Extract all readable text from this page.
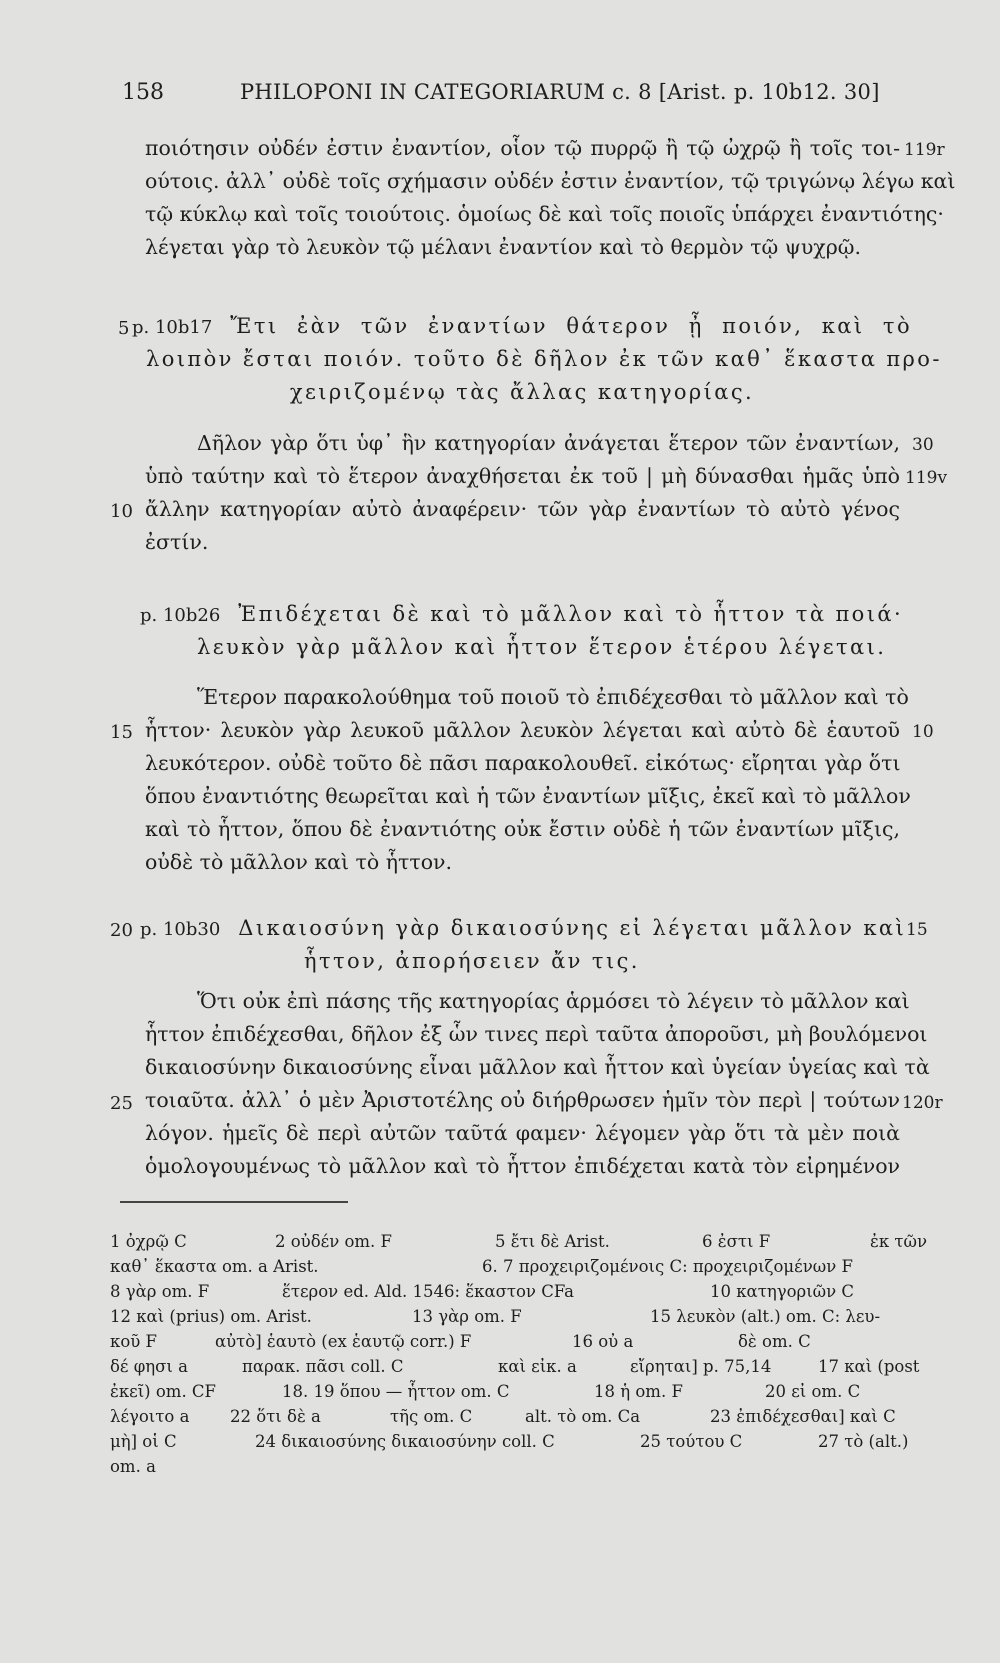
158	PHILOPONI IN CATEGORIARUM c. 8 [Arist. p. 10b12. 30]
ποιότησιν οὐδέν ἐστιν ἐναντίον, οἷον τῷ πυρρῷ ἢ τῷ ὠχρῷ ἢ τοῖς τοι-
ούτοις. ἀλλ᾽ οὐδὲ τοῖς σχήμασιν οὐδέν ἐστιν ἐναντίον, τῷ τριγώνῳ λέγω καὶ
τῷ κύκλῳ καὶ τοῖς τοιούτοις. ὁμοίως δὲ καὶ τοῖς ποιοῖς ὑπάρχει ἐναντιότης·
λέγεται γὰρ τὸ λευκὸν τῷ μέλανι ἐναντίον καὶ τὸ θερμὸν τῷ ψυχρῷ.
119r
5 p. 10b17 Ἔτι ἐὰν τῶν ἐναντίων θάτερον ᾖ ποιόν, καὶ τὸ
λοιπὸν ἔσται ποιόν. τοῦτο δὲ δῆλον ἐκ τῶν καθ᾽ ἕκαστα προ-
χειριζομένῳ τὰς ἄλλας κατηγορίας.
Δῆλον γὰρ ὅτι ὑφ᾽ ἣν κατηγορίαν ἀνάγεται ἕτερον τῶν ἐναντίων,
ὑπὸ ταύτην καὶ τὸ ἕτερον ἀναχθήσεται ἐκ τοῦ | μὴ δύνασθαι ἡμᾶς ὑπὸ
ἄλλην κατηγορίαν αὐτὸ ἀναφέρειν· τῶν γὰρ ἐναντίων τὸ αὐτὸ γένος
ἐστίν.
30
119v
10
p. 10b26 Ἐπιδέχεται δὲ καὶ τὸ μᾶλλον καὶ τὸ ἧττον τὰ ποιά·
λευκὸν γὰρ μᾶλλον καὶ ἧττον ἕτερον ἑτέρου λέγεται.
Ἕτερον παρακολούθημα τοῦ ποιοῦ τὸ ἐπιδέχεσθαι τὸ μᾶλλον καὶ τὸ
ἧττον· λευκὸν γὰρ λευκοῦ μᾶλλον λευκὸν λέγεται καὶ αὐτὸ δὲ ἑαυτοῦ
λευκότερον. οὐδὲ τοῦτο δὲ πᾶσι παρακολουθεῖ. εἰκότως· εἴρηται γὰρ ὅτι
ὅπου ἐναντιότης θεωρεῖται καὶ ἡ τῶν ἐναντίων μῖξις, ἐκεῖ καὶ τὸ μᾶλλον
καὶ τὸ ἧττον, ὅπου δὲ ἐναντιότης οὐκ ἔστιν οὐδὲ ἡ τῶν ἐναντίων μῖξις,
οὐδὲ τὸ μᾶλλον καὶ τὸ ἧττον.
15	10
20 p. 10b30 Δικαιοσύνη γὰρ δικαιοσύνης εἰ λέγεται μᾶλλον καὶ
ἧττον, ἀπορήσειεν ἄν τις.
15
Ὅτι οὐκ ἐπὶ πάσης τῆς κατηγορίας ἁρμόσει τὸ λέγειν τὸ μᾶλλον καὶ
ἧττον ἐπιδέχεσθαι, δῆλον ἐξ ὧν τινες περὶ ταῦτα ἀποροῦσι, μὴ βουλόμενοι
δικαιοσύνην δικαιοσύνης εἶναι μᾶλλον καὶ ἧττον καὶ ὑγείαν ὑγείας καὶ τὰ
τοιαῦτα. ἀλλ᾽ ὁ μὲν Ἀριστοτέλης οὐ διήρθρωσεν ἡμῖν τὸν περὶ | τούτων
λόγον. ἡμεῖς δὲ περὶ αὐτῶν ταῦτά φαμεν· λέγομεν γὰρ ὅτι τὰ μὲν ποιὰ
ὁμολογουμένως τὸ μᾶλλον καὶ τὸ ἧττον ἐπιδέχεται κατὰ τὸν εἰρημένον
25	120r
1 ὀχρῷ C	2 οὐδέν om. F	5 ἔτι δὲ Arist.	6 ἐστι F	ἐκ τῶν
καθ᾽ ἕκαστα om. a Arist.	6. 7 προχειριζομένοις C: προχειριζομένων F
8 γὰρ om. F	ἕτερον ed. Ald. 1546: ἕκαστον CFa	10 κατηγοριῶν C
12 καὶ (prius) om. Arist.	13 γὰρ om. F	15 λευκὸν (alt.) om. C: λευ-
κοῦ F	αὐτὸ] ἑαυτὸ (ex ἑαυτῷ corr.) F	16 οὐ a	δὲ om. C
δέ φησι a	παρακ. πᾶσι coll. C	καὶ εἰκ. a	εἴρηται] p. 75,14	17 καὶ (post
ἐκεῖ) om. CF	18. 19 ὅπου — ἧττον om. C	18 ἡ om. F	20 εἰ om. C
λέγοιτο a 22 ὅτι δὲ a	τῆς om. C	alt. τὸ om. Ca	23 ἐπιδέχεσθαι] καὶ C
μὴ] οἱ C	24 δικαιοσύνης δικαιοσύνην coll. C	25 τούτου C	27 τὸ (alt.)
om. a
